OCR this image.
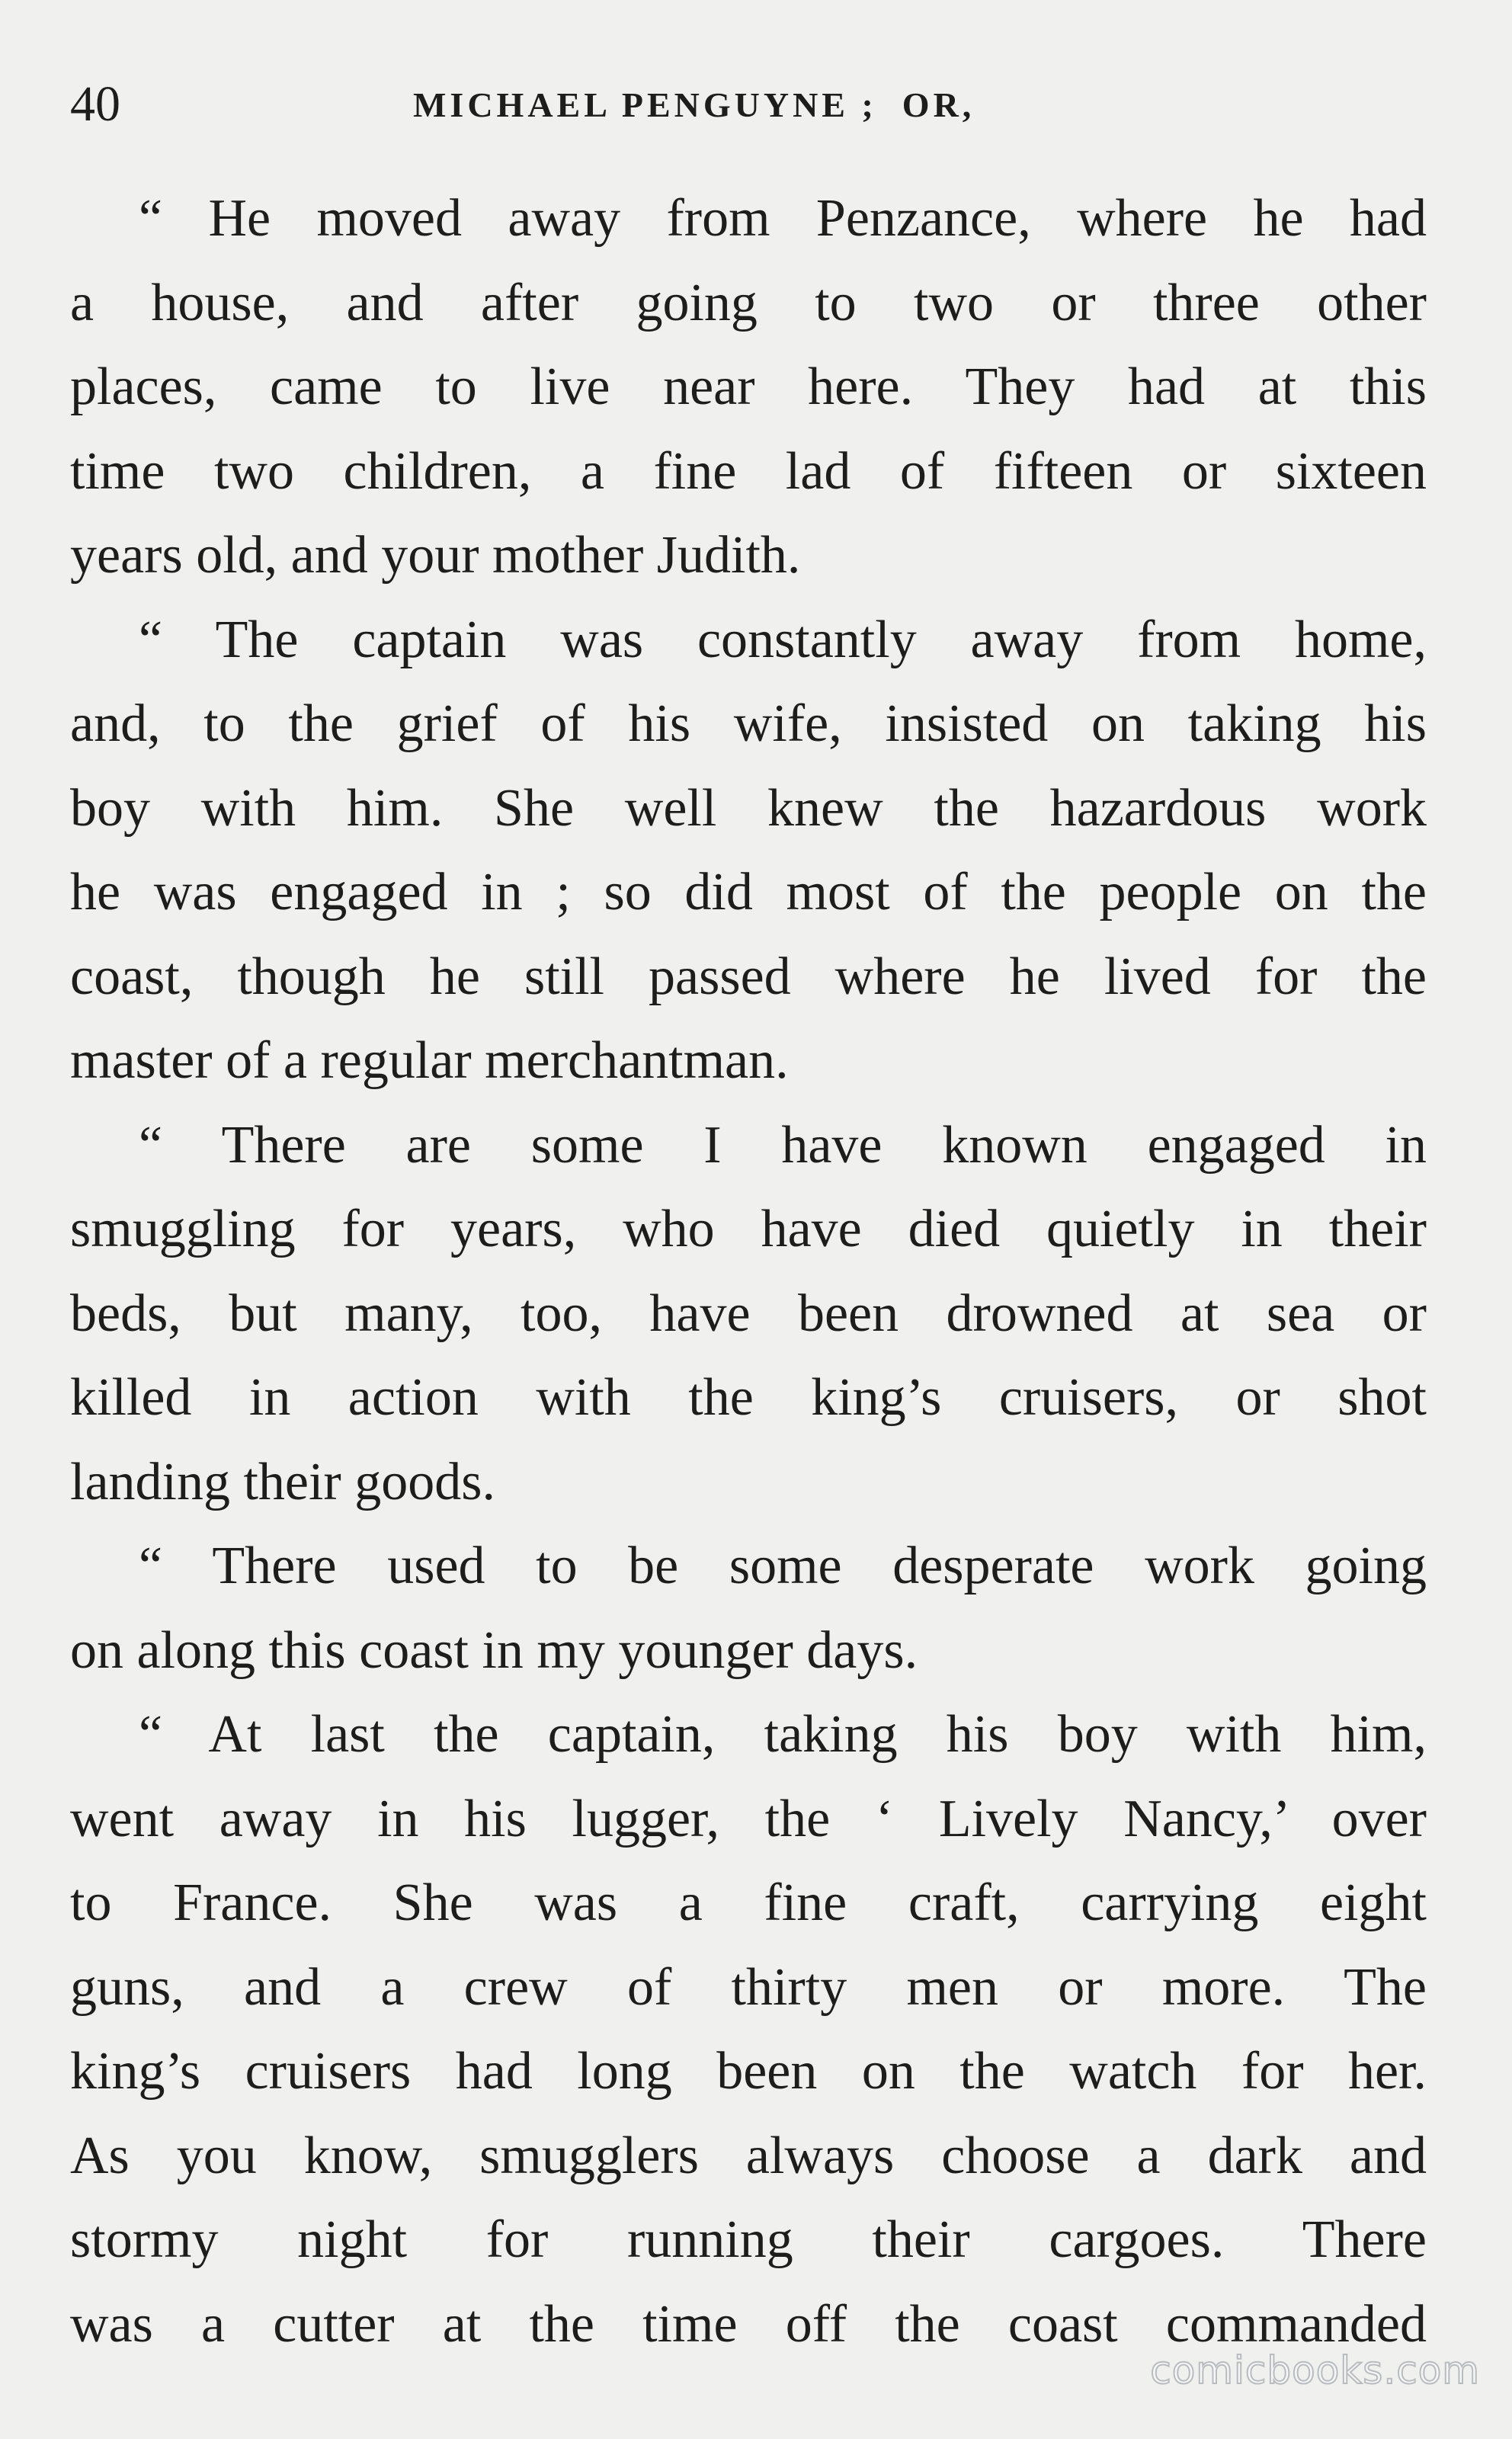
40	MICHAEL PENGUYNE ;  OR,
“ He moved away from Penzance, where he had
a house, and after going to two or three other
places, came to live near here. They had at this
time two children, a fine lad of fifteen or sixteen
years old, and your mother Judith.
“ The captain was constantly away from home,
and, to the grief of his wife, insisted on taking his
boy with him. She well knew the hazardous work
he was engaged in ; so did most of the people on the
coast, though he still passed where he lived for the
master of a regular merchantman.
“ There are some I have known engaged in
smuggling for years, who have died quietly in their
beds, but many, too, have been drowned at sea or
killed in action with the king’s cruisers, or shot
landing their goods.
“ There used to be some desperate work going
on along this coast in my younger days.
“ At last the captain, taking his boy with him,
went away in his lugger, the ‘ Lively Nancy,’ over
to France. She was a fine craft, carrying eight
guns, and a crew of thirty men or more. The
king’s cruisers had long been on the watch for her.
As you know, smugglers always choose a dark and
stormy night for running their cargoes. There
was a cutter at the time off the coast commanded
comicbooks.com
